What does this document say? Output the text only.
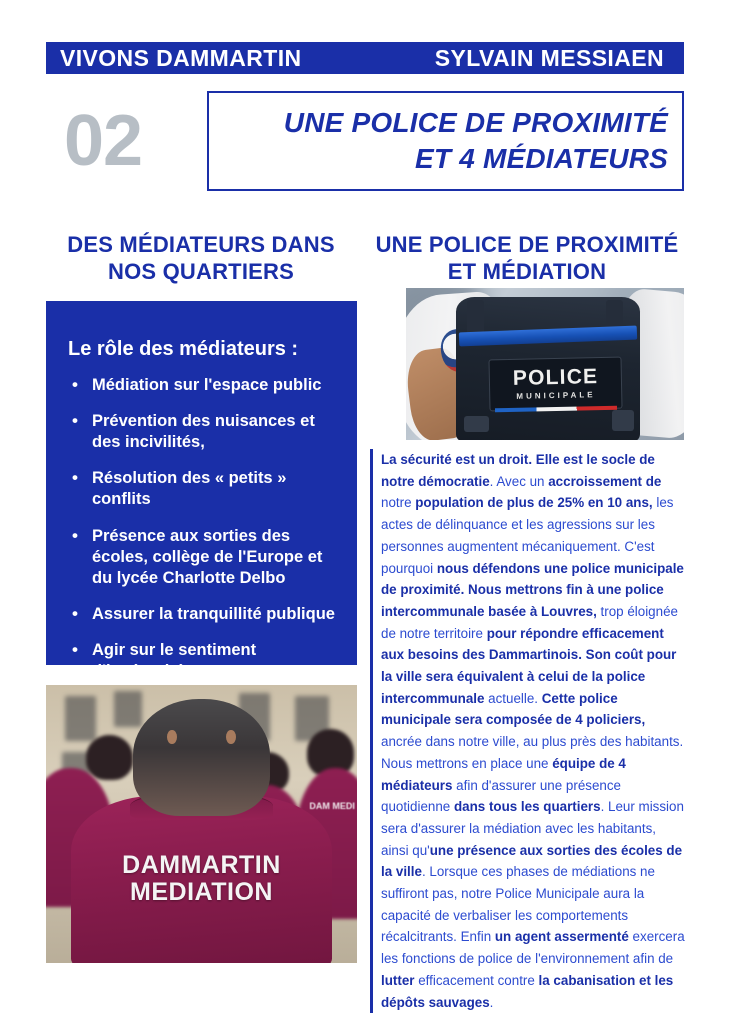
VIVONS DAMMARTIN	SYLVAIN MESSIAEN
02	UNE POLICE DE PROXIMITÉ
ET 4 MÉDIATEURS
DES MÉDIATEURS DANS NOS QUARTIERS
UNE POLICE DE PROXIMITÉ ET MÉDIATION
Le rôle des médiateurs :
• Médiation sur l'espace public
• Prévention des nuisances et des incivilités,
• Résolution des « petits » conflits
• Présence aux sorties des écoles, collège de l'Europe et du lycée Charlotte Delbo
• Assurer la tranquillité publique
• Agir sur le sentiment d'insécurité
POLICE
MUNICIPALE
DAM MEDI
DAMMARTIN
MEDIATION

La sécurité est un droit. Elle est le socle de notre démocratie. Avec un accroissement de notre population de plus de 25% en 10 ans, les actes de délinquance et les agressions sur les personnes augmentent mécaniquement. C'est pourquoi nous défendons une police municipale de proximité. Nous mettrons fin à une police intercommunale basée à Louvres, trop éloignée de notre territoire pour répondre efficacement aux besoins des Dammartinois. Son coût pour la ville sera équivalent à celui de la police intercommunale actuelle. Cette police municipale sera composée de 4 policiers, ancrée dans notre ville, au plus près des habitants. Nous mettrons en place une équipe de 4 médiateurs afin d'assurer une présence quotidienne dans tous les quartiers. Leur mission sera d'assurer la médiation avec les habitants, ainsi qu'une présence aux sorties des écoles de la ville. Lorsque ces phases de médiations ne suffiront pas, notre Police Municipale aura la capacité de verbaliser les comportements récalcitrants. Enfin un agent assermenté exercera les fonctions de police de l'environnement afin de lutter efficacement contre la cabanisation et les dépôts sauvages.
